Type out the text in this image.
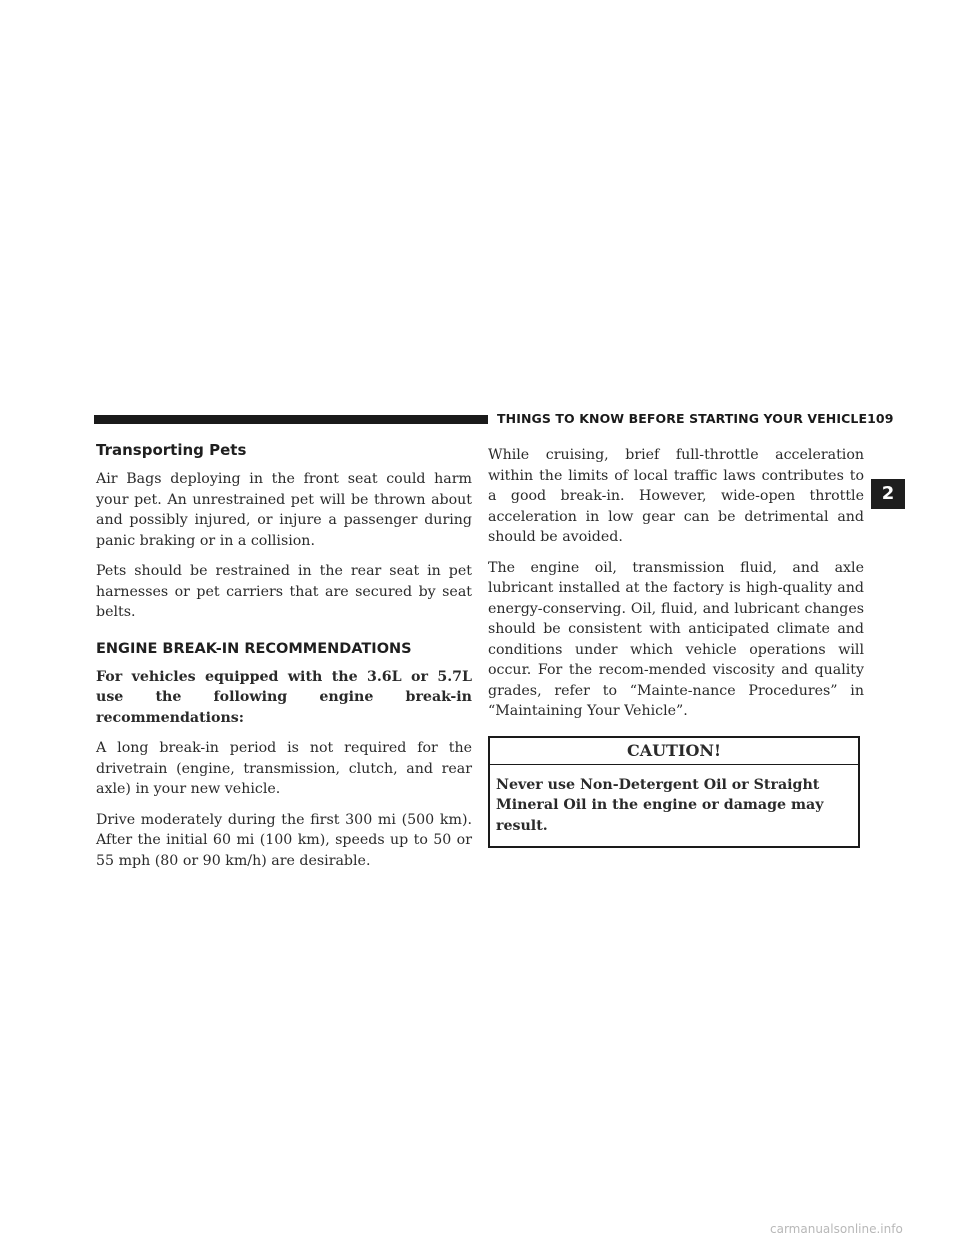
THINGS TO KNOW BEFORE STARTING YOUR VEHICLE 109
2
Transporting Pets

Air Bags deploying in the front seat could harm your pet. An unrestrained pet will be thrown about and possibly injured, or injure a passenger during panic braking or in a collision.

Pets should be restrained in the rear seat in pet harnesses or pet carriers that are secured by seat belts.

ENGINE BREAK-IN RECOMMENDATIONS

For vehicles equipped with the 3.6L or 5.7L use the following engine break-in recommendations:

A long break-in period is not required for the drivetrain (engine, transmission, clutch, and rear axle) in your new vehicle.

Drive moderately during the first 300 mi (500 km). After the initial 60 mi (100 km), speeds up to 50 or 55 mph (80 or 90 km/h) are desirable.

While cruising, brief full-throttle acceleration within the limits of local traffic laws contributes to a good break-in. However, wide-open throttle acceleration in low gear can be detrimental and should be avoided.

The engine oil, transmission fluid, and axle lubricant installed at the factory is high-quality and energy-conserving. Oil, fluid, and lubricant changes should be consistent with anticipated climate and conditions under which vehicle operations will occur. For the recom-mended viscosity and quality grades, refer to “Mainte-nance Procedures” in “Maintaining Your Vehicle”.

CAUTION!
Never use Non-Detergent Oil or Straight Mineral Oil in the engine or damage may result.
carmanualsonline.info
